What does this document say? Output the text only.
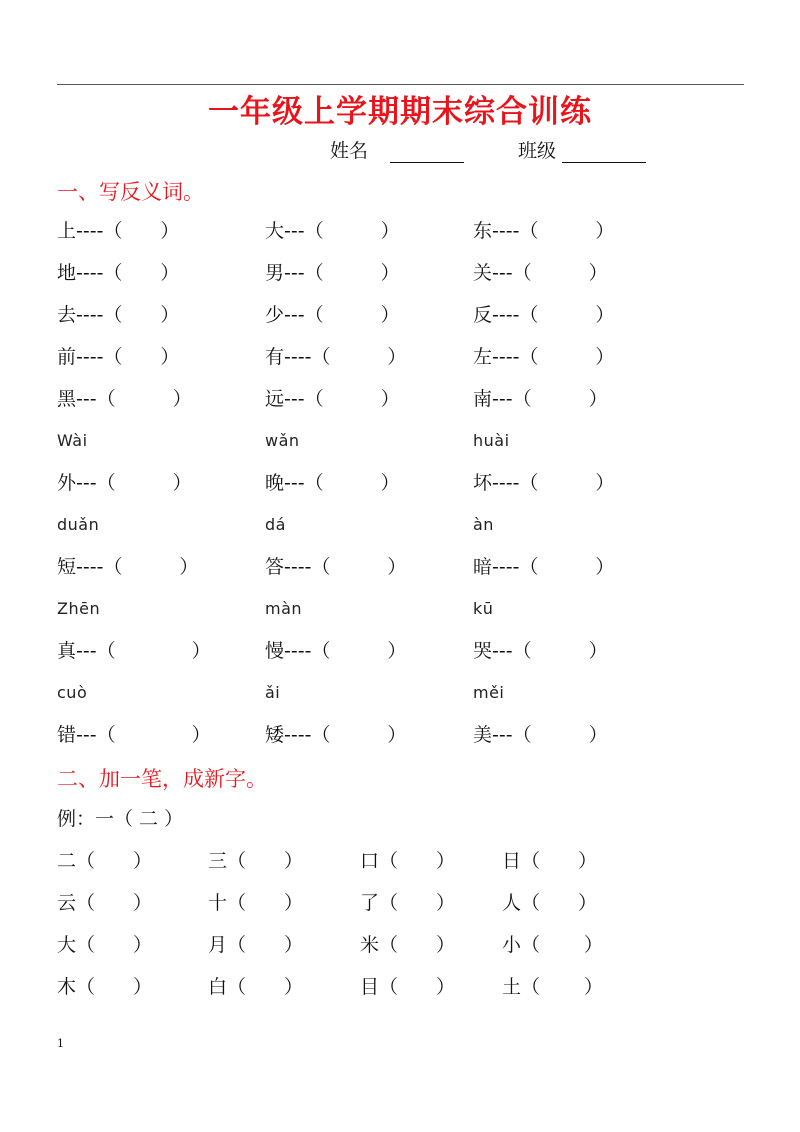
一年级上学期期末综合训练
姓名	班级
一、写反义词。
上----（　　）	大---（　　　）	东----（　　　）
地----（　　）	男---（　　　）	关---（　　　）
去----（　　）	少---（　　　）	反----（　　　）
前----（　　）	有----（　　　）	左----（　　　）
黑---（　　　）	远---（　　　）	南---（　　　）
Wài	wǎn	huài
外---（　　　）	晚---（　　　）	坏----（　　　）
duǎn	dá	àn
短----（　　　）	答----（　　　）	暗----（　　　）
Zhēn	màn	kū
真---（　　　　）	慢----（　　　）	哭---（　　　）
cuò	ǎi	měi
错---（　　　　）	矮----（　　　）	美---（　　　）
二、加一笔，成新字。
例：一（ 二 ）
二（　　）	三（　　）	口（　　） 日（　　）
云（　　）	十（　　）	了（　　） 人（　　）
大（　　）	月（　　）	米（　　） 小（　　 ）
木（　　）	白（　　）	目（　　） 土（　　 ）
1
